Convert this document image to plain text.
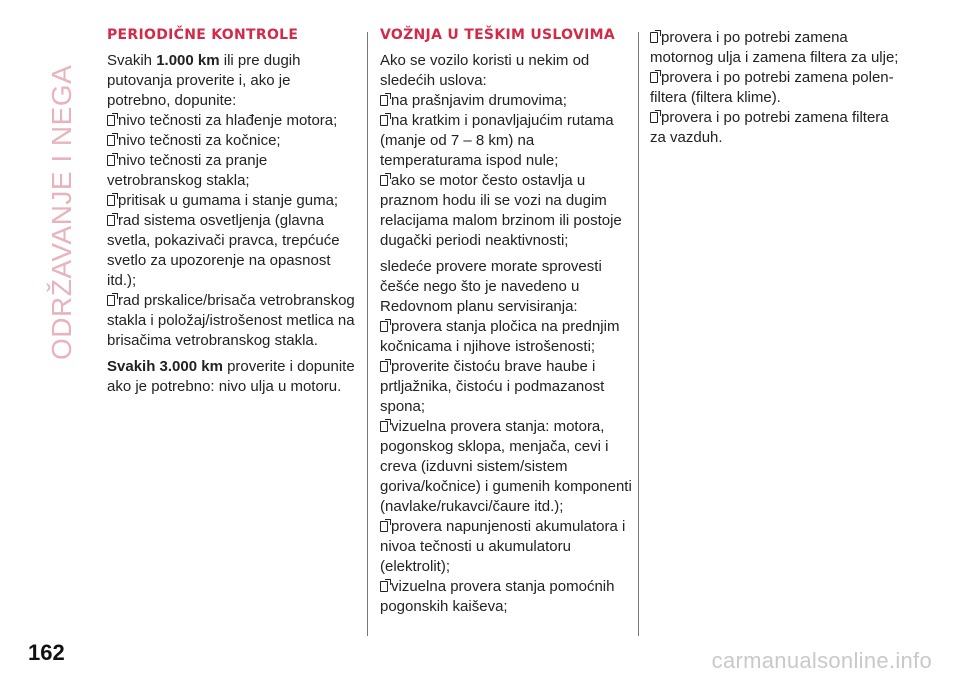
ODRŽAVANJE I NEGA
PERIODIČNE KONTROLE

Svakih 1.000 km ili pre dugih putovanja proverite i, ako je potrebno, dopunite:

nivo tečnosti za hlađenje motora;

nivo tečnosti za kočnice;

nivo tečnosti za pranje vetrobranskog stakla;

pritisak u gumama i stanje guma;

rad sistema osvetljenja (glavna svetla, pokazivači pravca, trepćuće svetlo za upozorenje na opasnost itd.);

rad prskalice/brisača vetrobranskog stakla i položaj/istrošenost metlica na brisačima vetrobranskog stakla.

Svakih 3.000 km proverite i dopunite ako je potrebno: nivo ulja u motoru.

VOŽNJA U TEŠKIM USLOVIMA

Ako se vozilo koristi u nekim od sledećih uslova:

na prašnjavim drumovima;

na kratkim i ponavljajućim rutama (manje od 7 – 8 km) na temperaturama ispod nule;

ako se motor često ostavlja u praznom hodu ili se vozi na dugim relacijama malom brzinom ili postoje dugački periodi neaktivnosti;

sledeće provere morate sprovesti češće nego što je navedeno u Redovnom planu servisiranja:

provera stanja pločica na prednjim kočnicama i njihove istrošenosti;

proverite čistoću brave haube i prtljažnika, čistoću i podmazanost spona;

vizuelna provera stanja: motora, pogonskog sklopa, menjača, cevi i creva (izduvni sistem/sistem goriva/kočnice) i gumenih komponenti (navlake/rukavci/čaure itd.);

provera napunjenosti akumulatora i nivoa tečnosti u akumulatoru (elektrolit);

vizuelna provera stanja pomoćnih pogonskih kaiševa;

provera i po potrebi zamena motornog ulja i zamena filtera za ulje;

provera i po potrebi zamena polen-filtera (filtera klime).

provera i po potrebi zamena filtera za vazduh.

162	carmanualsonline.info
